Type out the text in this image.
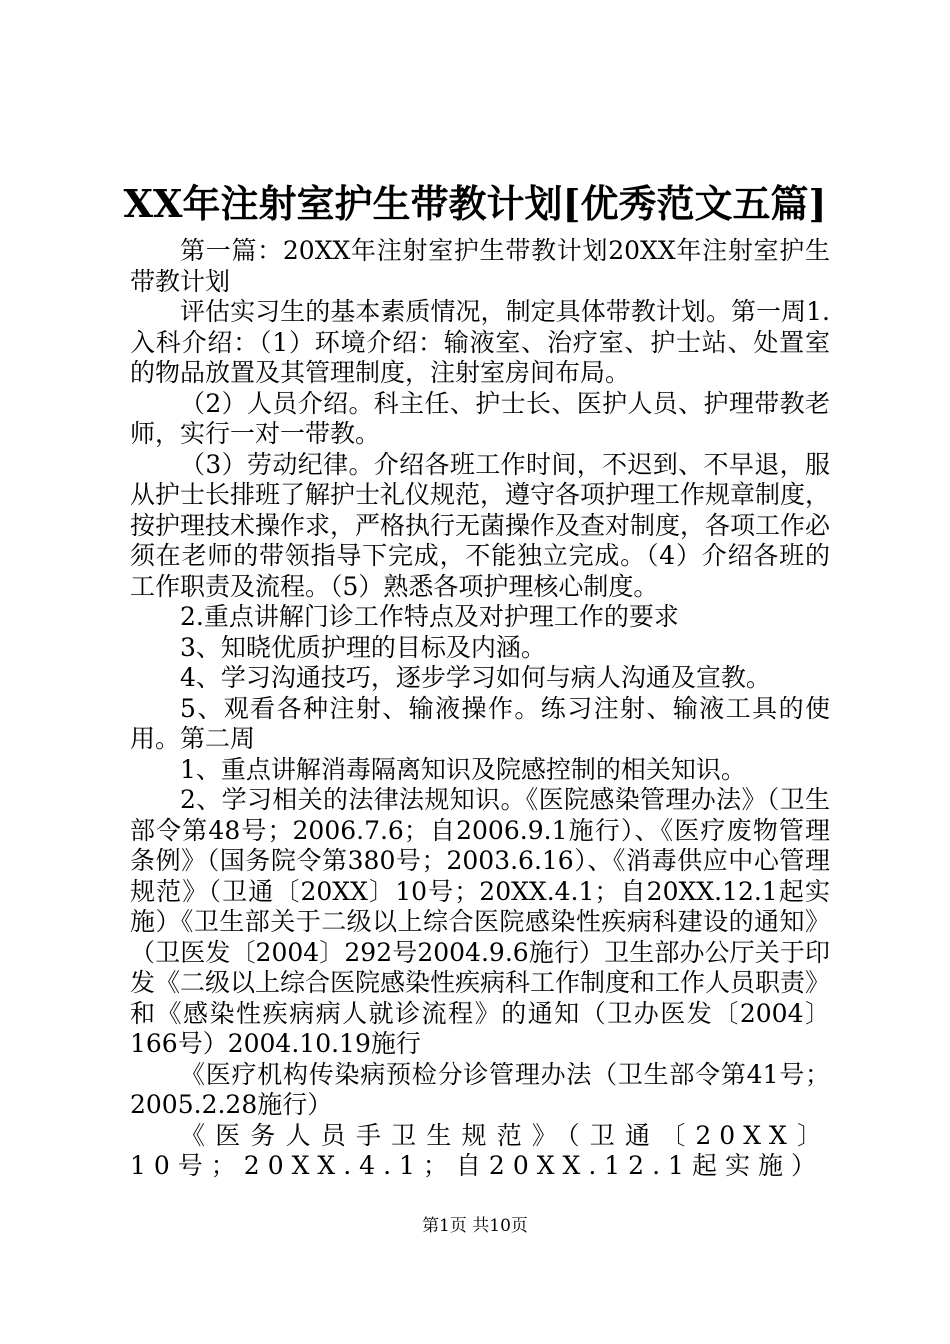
XX年注射室护生带教计划[优秀范文五篇]

第一篇：20XX年注射室护生带教计划20XX年注射室护生带教计划

评估实习生的基本素质情况，制定具体带教计划。第一周1.入科介绍：（1）环境介绍：输液室、治疗室、护士站、处置室的物品放置及其管理制度，注射室房间布局。

（2）人员介绍。科主任、护士长、医护人员、护理带教老师，实行一对一带教。

（3）劳动纪律。介绍各班工作时间，不迟到、不早退，服从护士长排班了解护士礼仪规范，遵守各项护理工作规章制度，按护理技术操作求，严格执行无菌操作及查对制度，各项工作必须在老师的带领指导下完成，不能独立完成。（4）介绍各班的工作职责及流程。（5）熟悉各项护理核心制度。

2.重点讲解门诊工作特点及对护理工作的要求

3、知晓优质护理的目标及内涵。

4、学习沟通技巧，逐步学习如何与病人沟通及宣教。

5、观看各种注射、输液操作。练习注射、输液工具的使用。第二周

1、重点讲解消毒隔离知识及院感控制的相关知识。

2、学习相关的法律法规知识。《医院感染管理办法》（卫生部令第48号；2006.7.6；自2006.9.1施行）、《医疗废物管理条例》（国务院令第380号；2003.6.16）、《消毒供应中心管理规范》（卫通〔20XX〕10号；20XX.4.1；自20XX.12.1起实施）《卫生部关于二级以上综合医院感染性疾病科建设的通知》（卫医发〔2004〕292号2004.9.6施行）卫生部办公厅关于印发《二级以上综合医院感染性疾病科工作制度和工作人员职责》和《感染性疾病病人就诊流程》的通知（卫办医发〔2004〕166号）2004.10.19施行

《医疗机构传染病预检分诊管理办法（卫生部令第41号；2005.2.28施行）

《医务人员手卫生规范》（卫通〔20XX〕10号；20XX.4.1；自20XX.12.1起实施）

第1页 共10页
